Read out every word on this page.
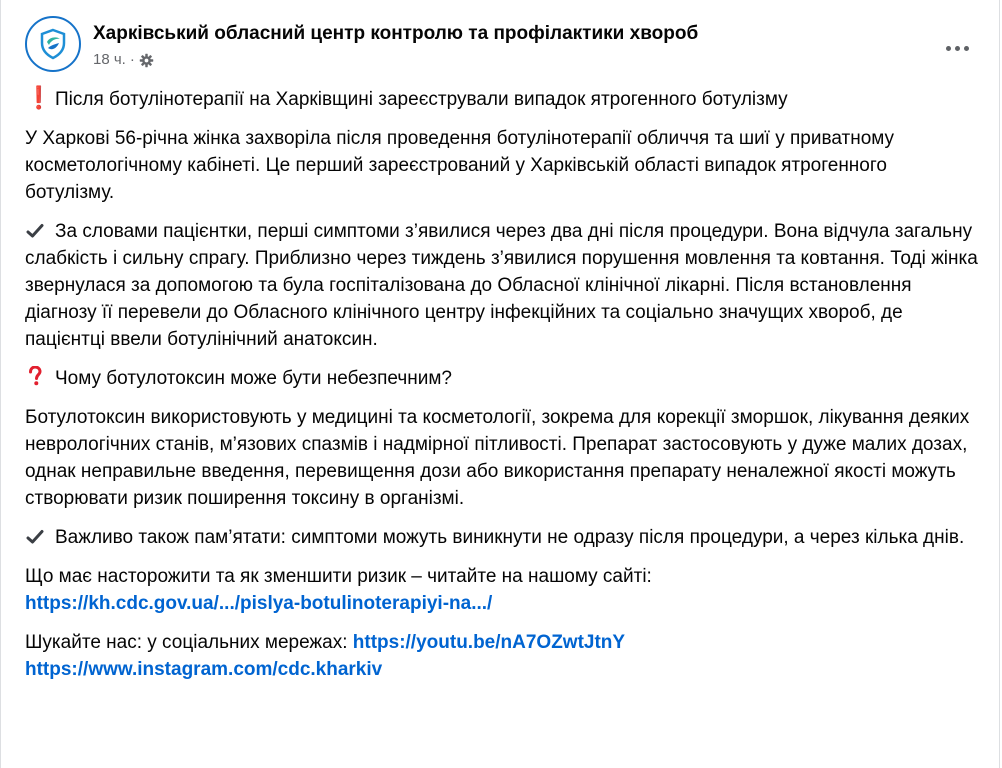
Харківський обласний центр контролю та профілактики хвороб
18 ч. ·

❗ Після ботулінотерапії на Харківщині зареєстрували випадок ятрогенного ботулізму

У Харкові 56-річна жінка захворіла після проведення ботулінотерапії обличчя та шиї у приватному косметологічному кабінеті. Це перший зареєстрований у Харківській області випадок ятрогенного ботулізму.

За словами пацієнтки, перші симптоми з’явилися через два дні після процедури. Вона відчула загальну слабкість і сильну спрагу. Приблизно через тиждень з’явилися порушення мовлення та ковтання. Тоді жінка звернулася за допомогою та була госпіталізована до Обласної клінічної лікарні. Після встановлення діагнозу її перевели до Обласного клінічного центру інфекційних та соціально значущих хвороб, де пацієнтці ввели ботулінічний анатоксин.

Чому ботулотоксин може бути небезпечним?

Ботулотоксин використовують у медицині та косметології, зокрема для корекції зморшок, лікування деяких неврологічних станів, м’язових спазмів і надмірної пітливості. Препарат застосовують у дуже малих дозах, однак неправильне введення, перевищення дози або використання препарату неналежної якості можуть створювати ризик поширення токсину в організмі.

Важливо також пам’ятати: симптоми можуть виникнути не одразу після процедури, а через кілька днів.

Що має насторожити та як зменшити ризик – читайте на нашому сайті:
https://kh.cdc.gov.ua/.../pislya-botulinoterapiyi-na.../

Шукайте нас: у соціальних мережах: https://youtu.be/nA7OZwtJtnY
https://www.instagram.com/cdc.kharkiv
